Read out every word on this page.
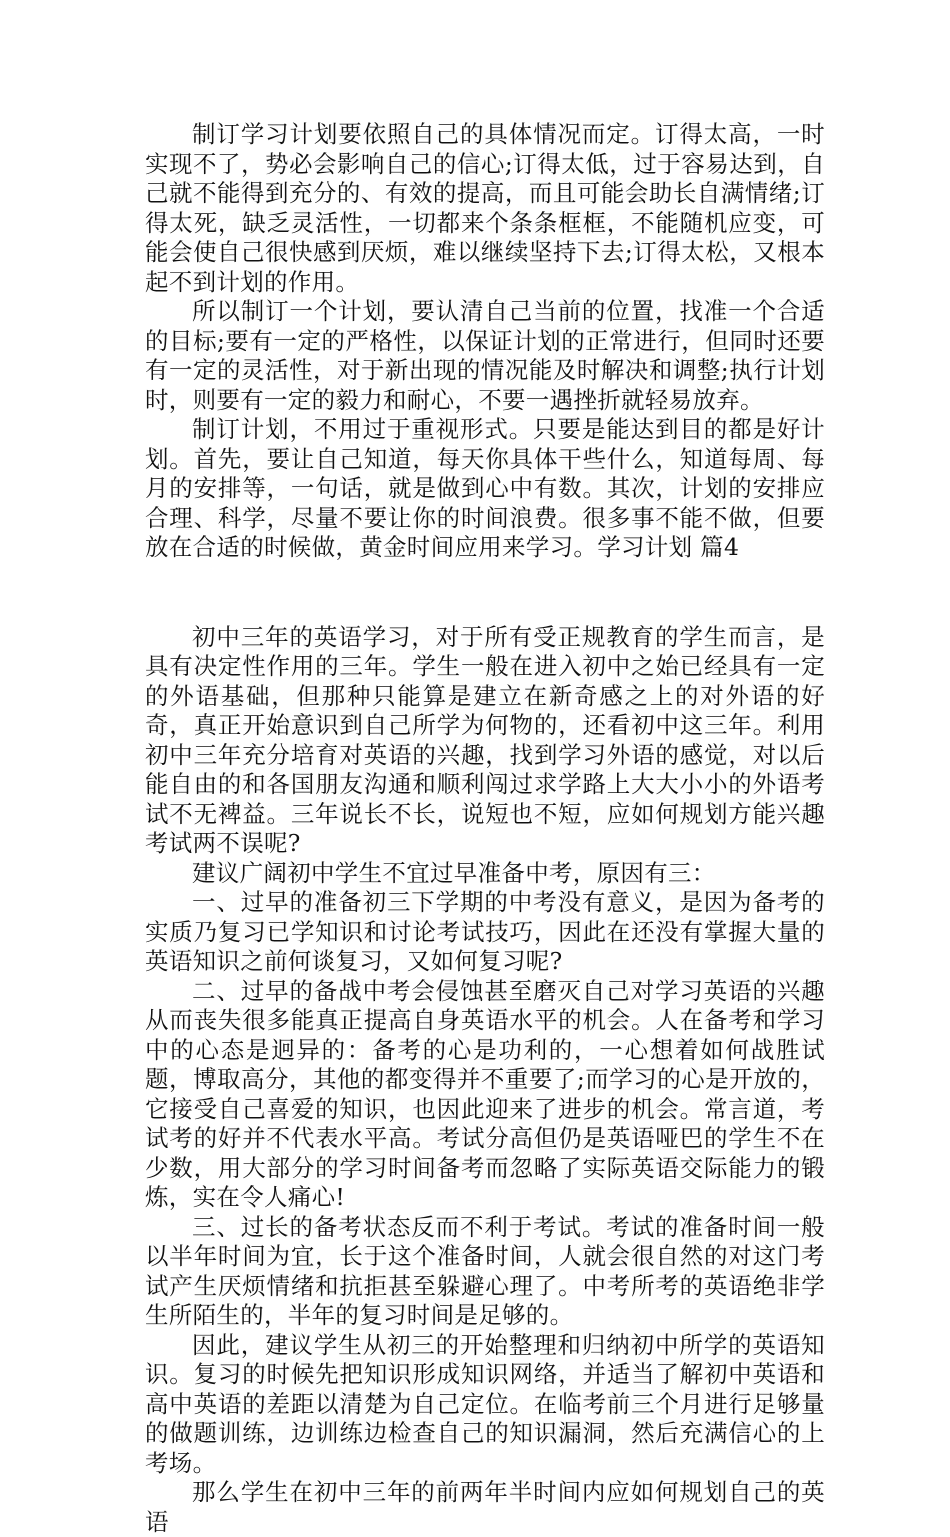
制订学习计划要依照自己的具体情况而定。订得太高，一时实现不了，势必会影响自己的信心;订得太低，过于容易达到，自己就不能得到充分的、有效的提高，而且可能会助长自满情绪;订得太死，缺乏灵活性，一切都来个条条框框，不能随机应变，可能会使自己很快感到厌烦，难以继续坚持下去;订得太松，又根本起不到计划的作用。

所以制订一个计划，要认清自己当前的位置，找准一个合适的目标;要有一定的严格性，以保证计划的正常进行，但同时还要有一定的灵活性，对于新出现的情况能及时解决和调整;执行计划时，则要有一定的毅力和耐心，不要一遇挫折就轻易放弃。

制订计划，不用过于重视形式。只要是能达到目的都是好计划。首先，要让自己知道，每天你具体干些什么，知道每周、每月的安排等，一句话，就是做到心中有数。其次，计划的安排应合理、科学，尽量不要让你的时间浪费。很多事不能不做，但要放在合适的时候做，黄金时间应用来学习。学习计划 篇4

初中三年的英语学习，对于所有受正规教育的学生而言，是具有决定性作用的三年。学生一般在进入初中之始已经具有一定的外语基础，但那种只能算是建立在新奇感之上的对外语的好奇，真正开始意识到自己所学为何物的，还看初中这三年。利用初中三年充分培育对英语的兴趣，找到学习外语的感觉，对以后能自由的和各国朋友沟通和顺利闯过求学路上大大小小的外语考试不无裨益。三年说长不长，说短也不短，应如何规划方能兴趣考试两不误呢?

建议广阔初中学生不宜过早准备中考，原因有三：

一、过早的准备初三下学期的中考没有意义，是因为备考的实质乃复习已学知识和讨论考试技巧，因此在还没有掌握大量的英语知识之前何谈复习，又如何复习呢?

二、过早的备战中考会侵蚀甚至磨灭自己对学习英语的兴趣从而丧失很多能真正提高自身英语水平的机会。人在备考和学习中的心态是迥异的：备考的心是功利的，一心想着如何战胜试题，博取高分，其他的都变得并不重要了;而学习的心是开放的，它接受自己喜爱的知识，也因此迎来了进步的机会。常言道，考试考的好并不代表水平高。考试分高但仍是英语哑巴的学生不在少数，用大部分的学习时间备考而忽略了实际英语交际能力的锻炼，实在令人痛心!

三、过长的备考状态反而不利于考试。考试的准备时间一般以半年时间为宜，长于这个准备时间，人就会很自然的对这门考试产生厌烦情绪和抗拒甚至躲避心理了。中考所考的英语绝非学生所陌生的，半年的复习时间是足够的。

因此，建议学生从初三的开始整理和归纳初中所学的英语知识。复习的时候先把知识形成知识网络，并适当了解初中英语和高中英语的差距以清楚为自己定位。在临考前三个月进行足够量的做题训练，边训练边检查自己的知识漏洞，然后充满信心的上考场。

那么学生在初中三年的前两年半时间内应如何规划自己的英语
